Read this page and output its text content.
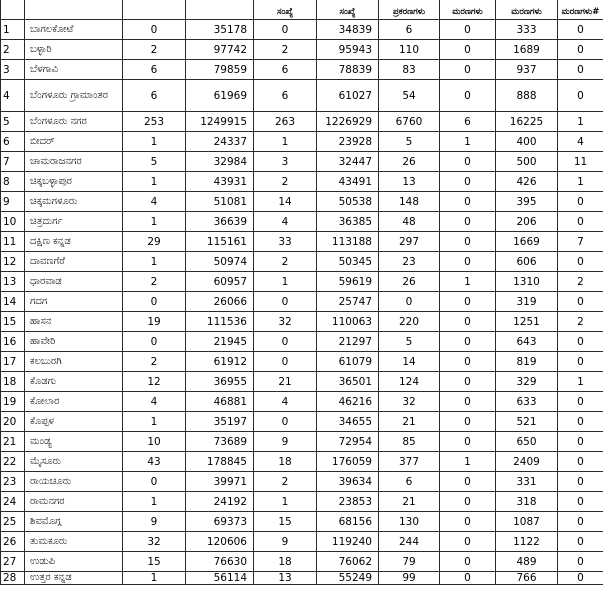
				ಸಂಖ್ಯೆ	ಸಂಖ್ಯೆ	ಪ್ರಕರಣಗಳು	ಮರಣಗಳು	ಮರಣಗಳು	ಮರಣಗಳು#
1	ಬಾಗಲಕೋಟೆ	0	35178	0	34839	6	0	333	0
2	ಬಳ್ಳಾರಿ	2	97742	2	95943	110	0	1689	0
3	ಬೆಳಗಾವಿ	6	79859	6	78839	83	0	937	0
4	ಬೆಂಗಳೂರು ಗ್ರಾಮಾಂತರ	6	61969	6	61027	54	0	888	0
5	ಬೆಂಗಳೂರು ನಗರ	253	1249915	263	1226929	6760	6	16225	1
6	ಬೀದರ್	1	24337	1	23928	5	1	400	4
7	ಚಾಮರಾಜನಗರ	5	32984	3	32447	26	0	500	11
8	ಚಿಕ್ಕಬಳ್ಳಾಪುರ	1	43931	2	43491	13	0	426	1
9	ಚಿಕ್ಕಮಗಳೂರು	4	51081	14	50538	148	0	395	0
10	ಚಿತ್ರದುರ್ಗ	1	36639	4	36385	48	0	206	0
11	ದಕ್ಷಿಣ ಕನ್ನಡ	29	115161	33	113188	297	0	1669	7
12	ದಾವಣಗೆರೆ	1	50974	2	50345	23	0	606	0
13	ಧಾರವಾಡ	2	60957	1	59619	26	1	1310	2
14	ಗದಗ	0	26066	0	25747	0	0	319	0
15	ಹಾಸನ	19	111536	32	110063	220	0	1251	2
16	ಹಾವೇರಿ	0	21945	0	21297	5	0	643	0
17	ಕಲಬುರಗಿ	2	61912	0	61079	14	0	819	0
18	ಕೊಡಗು	12	36955	21	36501	124	0	329	1
19	ಕೋಲಾರ	4	46881	4	46216	32	0	633	0
20	ಕೊಪ್ಪಳ	1	35197	0	34655	21	0	521	0
21	ಮಂಡ್ಯ	10	73689	9	72954	85	0	650	0
22	ಮೈಸೂರು	43	178845	18	176059	377	1	2409	0
23	ರಾಯಚೂರು	0	39971	2	39634	6	0	331	0
24	ರಾಮನಗರ	1	24192	1	23853	21	0	318	0
25	ಶಿವಮೊಗ್ಗ	9	69373	15	68156	130	0	1087	0
26	ತುಮಕೂರು	32	120606	9	119240	244	0	1122	0
27	ಉಡುಪಿ	15	76630	18	76062	79	0	489	0
28	ಉತ್ತರ ಕನ್ನಡ	1	56114	13	55249	99	0	766	0
